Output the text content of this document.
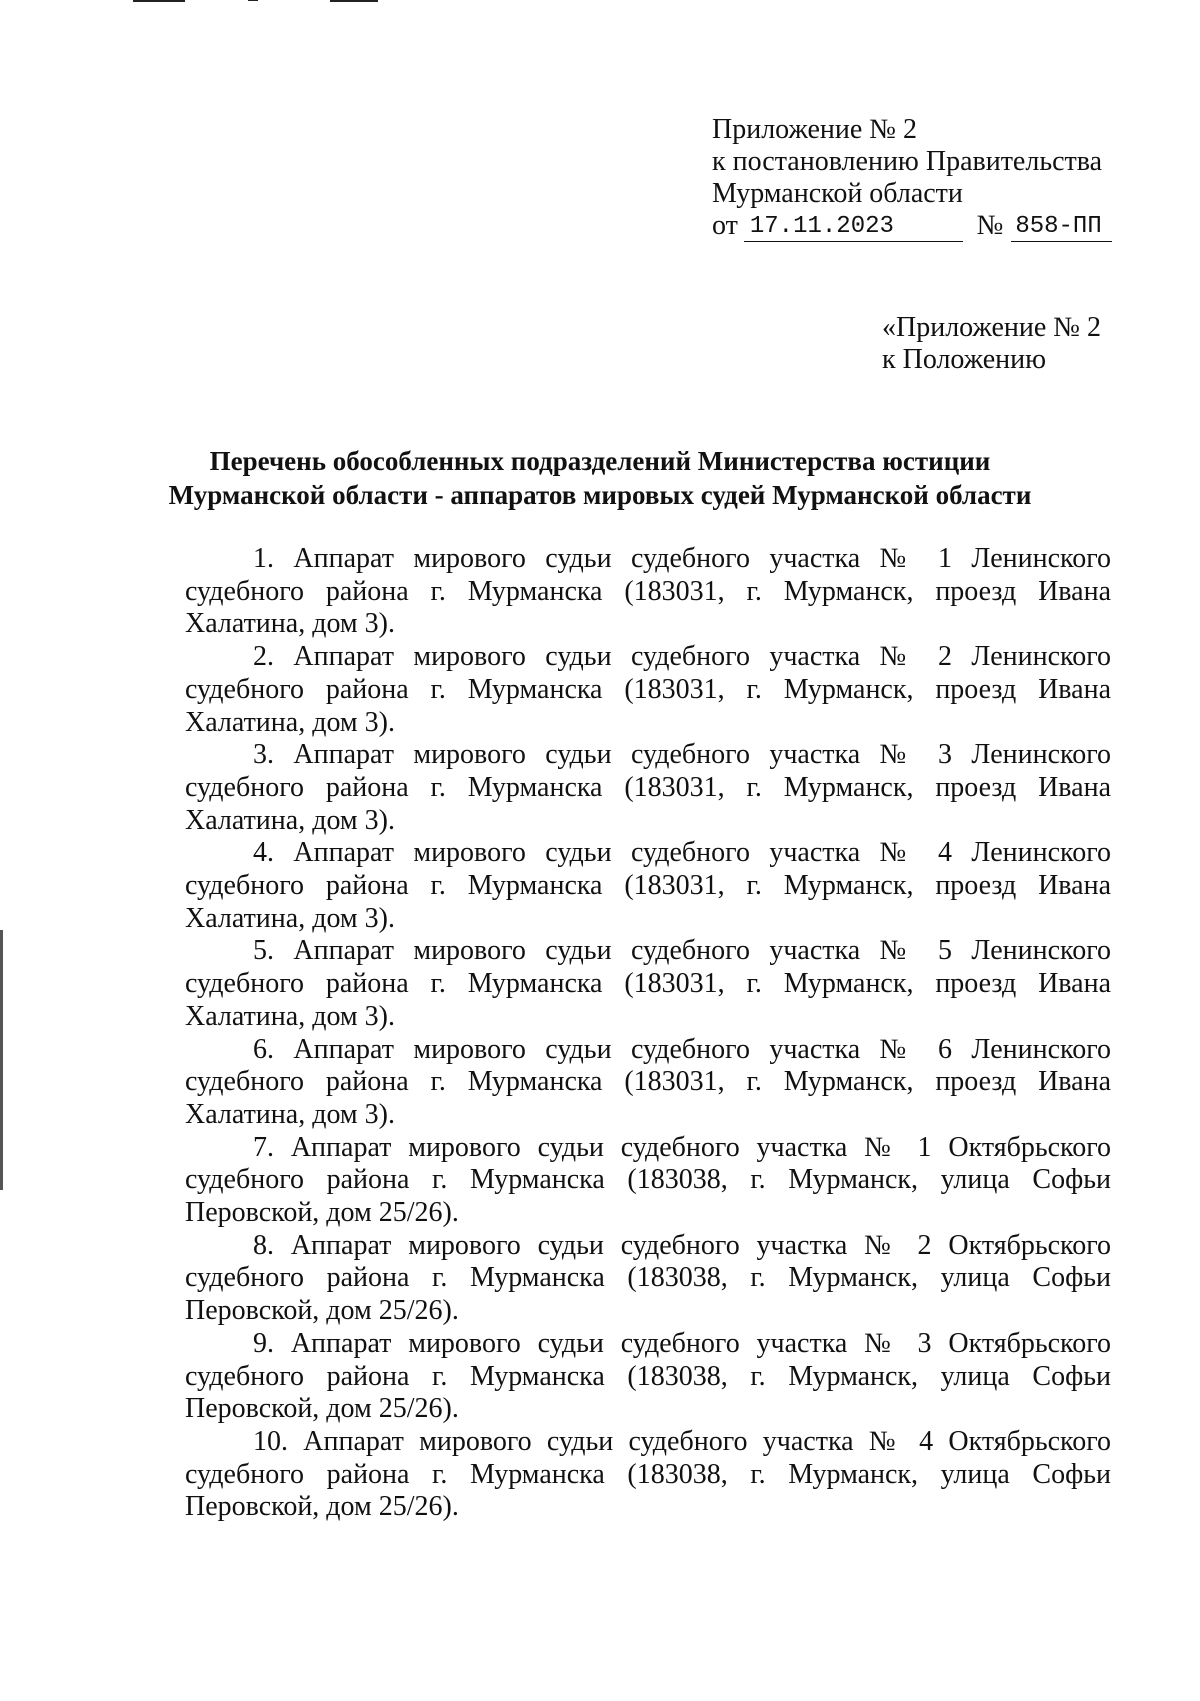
Приложение № 2
к постановлению Правительства
Мурманской области
от 17.11.2023	№ 858-ПП
«Приложение № 2
к Положению
Перечень обособленных подразделений Министерства юстиции
Мурманской области - аппаратов мировых судей Мурманской области
1. Аппарат мирового судьи судебного участка № 1 Ленинского судебного района г. Мурманска (183031, г. Мурманск, проезд Ивана Халатина, дом 3).
2. Аппарат мирового судьи судебного участка № 2 Ленинского судебного района г. Мурманска (183031, г. Мурманск, проезд Ивана Халатина, дом 3).
3. Аппарат мирового судьи судебного участка № 3 Ленинского судебного района г. Мурманска (183031, г. Мурманск, проезд Ивана Халатина, дом 3).
4. Аппарат мирового судьи судебного участка № 4 Ленинского судебного района г. Мурманска (183031, г. Мурманск, проезд Ивана Халатина, дом 3).
5. Аппарат мирового судьи судебного участка № 5 Ленинского судебного района г. Мурманска (183031, г. Мурманск, проезд Ивана Халатина, дом 3).
6. Аппарат мирового судьи судебного участка № 6 Ленинского судебного района г. Мурманска (183031, г. Мурманск, проезд Ивана Халатина, дом 3).
7. Аппарат мирового судьи судебного участка № 1 Октябрьского судебного района г. Мурманска (183038, г. Мурманск, улица Софьи Перовской, дом 25/26).
8. Аппарат мирового судьи судебного участка № 2 Октябрьского судебного района г. Мурманска (183038, г. Мурманск, улица Софьи Перовской, дом 25/26).
9. Аппарат мирового судьи судебного участка № 3 Октябрьского судебного района г. Мурманска (183038, г. Мурманск, улица Софьи Перовской, дом 25/26).
10. Аппарат мирового судьи судебного участка № 4 Октябрьского судебного района г. Мурманска (183038, г. Мурманск, улица Софьи Перовской, дом 25/26).
